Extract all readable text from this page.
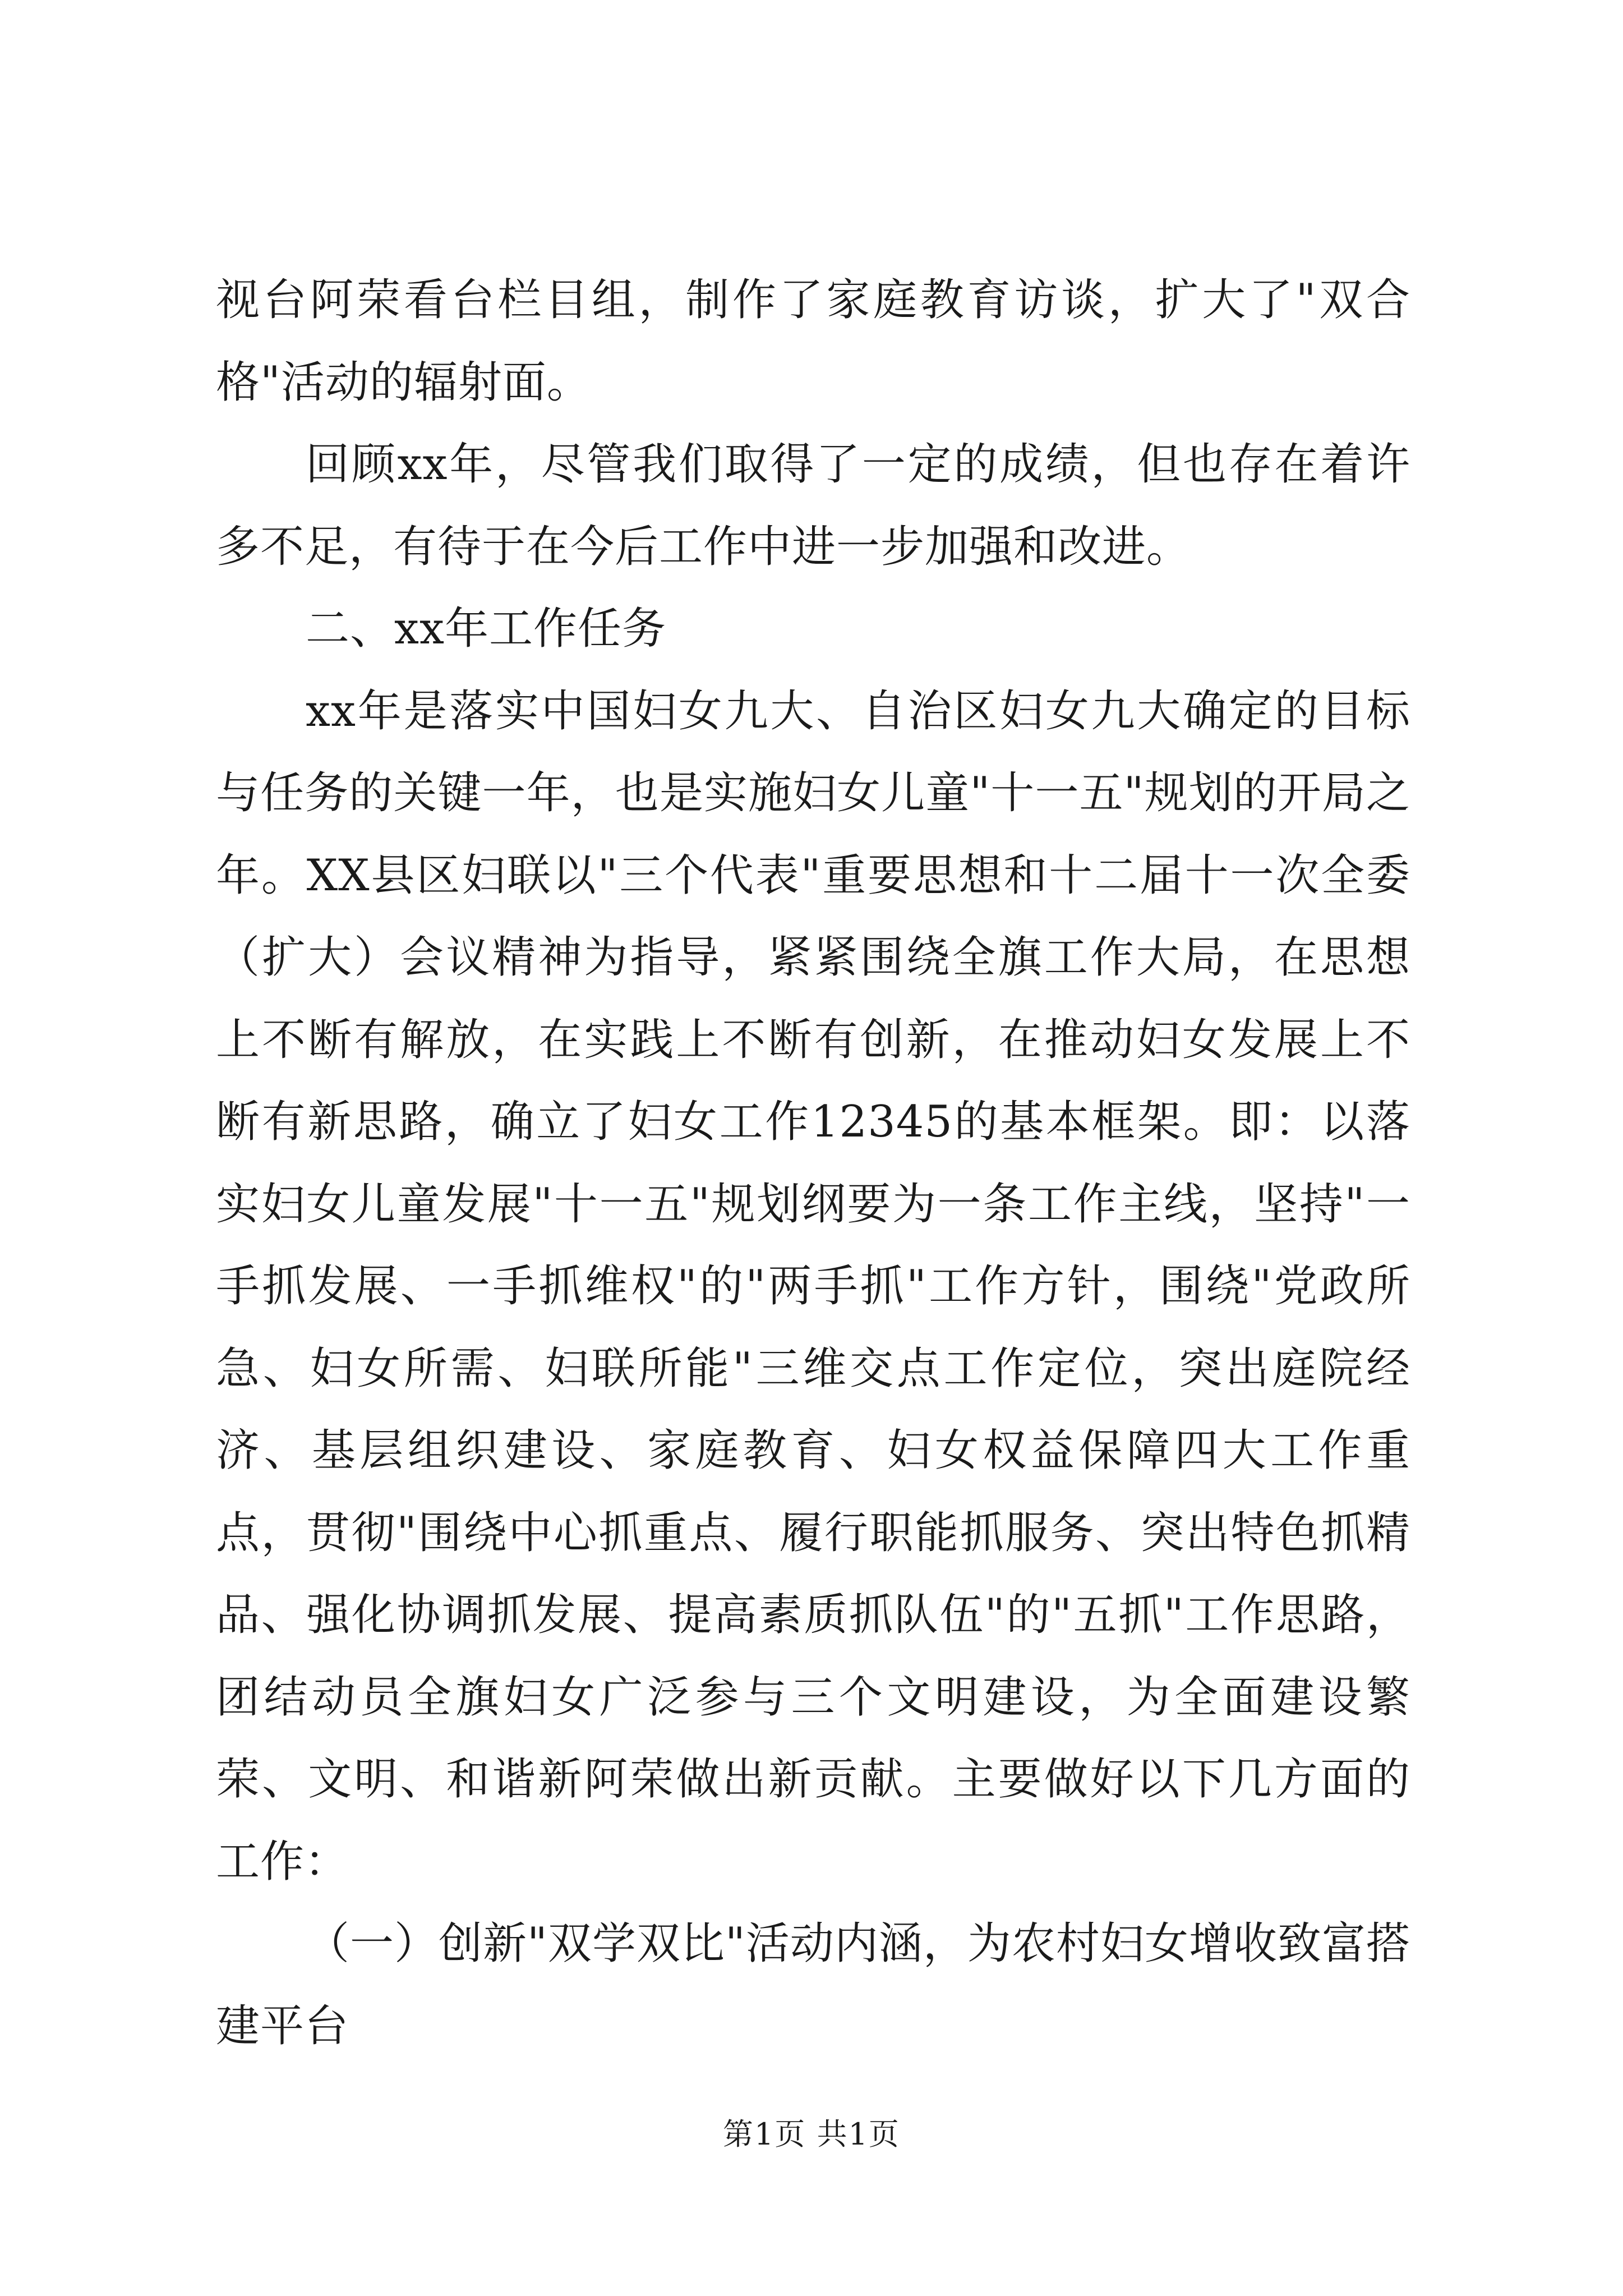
视台阿荣看台栏目组，制作了家庭教育访谈，扩大了"双合格"活动的辐射面。

回顾xx年，尽管我们取得了一定的成绩，但也存在着许多不足，有待于在今后工作中进一步加强和改进。

二、xx年工作任务

xx年是落实中国妇女九大、自治区妇女九大确定的目标与任务的关键一年，也是实施妇女儿童"十一五"规划的开局之年。XX县区妇联以"三个代表"重要思想和十二届十一次全委（扩大）会议精神为指导，紧紧围绕全旗工作大局，在思想上不断有解放，在实践上不断有创新，在推动妇女发展上不断有新思路，确立了妇女工作12345的基本框架。即：以落实妇女儿童发展"十一五"规划纲要为一条工作主线，坚持"一手抓发展、一手抓维权"的"两手抓"工作方针，围绕"党政所急、妇女所需、妇联所能"三维交点工作定位，突出庭院经济、基层组织建设、家庭教育、妇女权益保障四大工作重点，贯彻"围绕中心抓重点、履行职能抓服务、突出特色抓精品、强化协调抓发展、提高素质抓队伍"的"五抓"工作思路，团结动员全旗妇女广泛参与三个文明建设，为全面建设繁荣、文明、和谐新阿荣做出新贡献。主要做好以下几方面的工作：

（一）创新"双学双比"活动内涵，为农村妇女增收致富搭建平台

第1页 共1页
